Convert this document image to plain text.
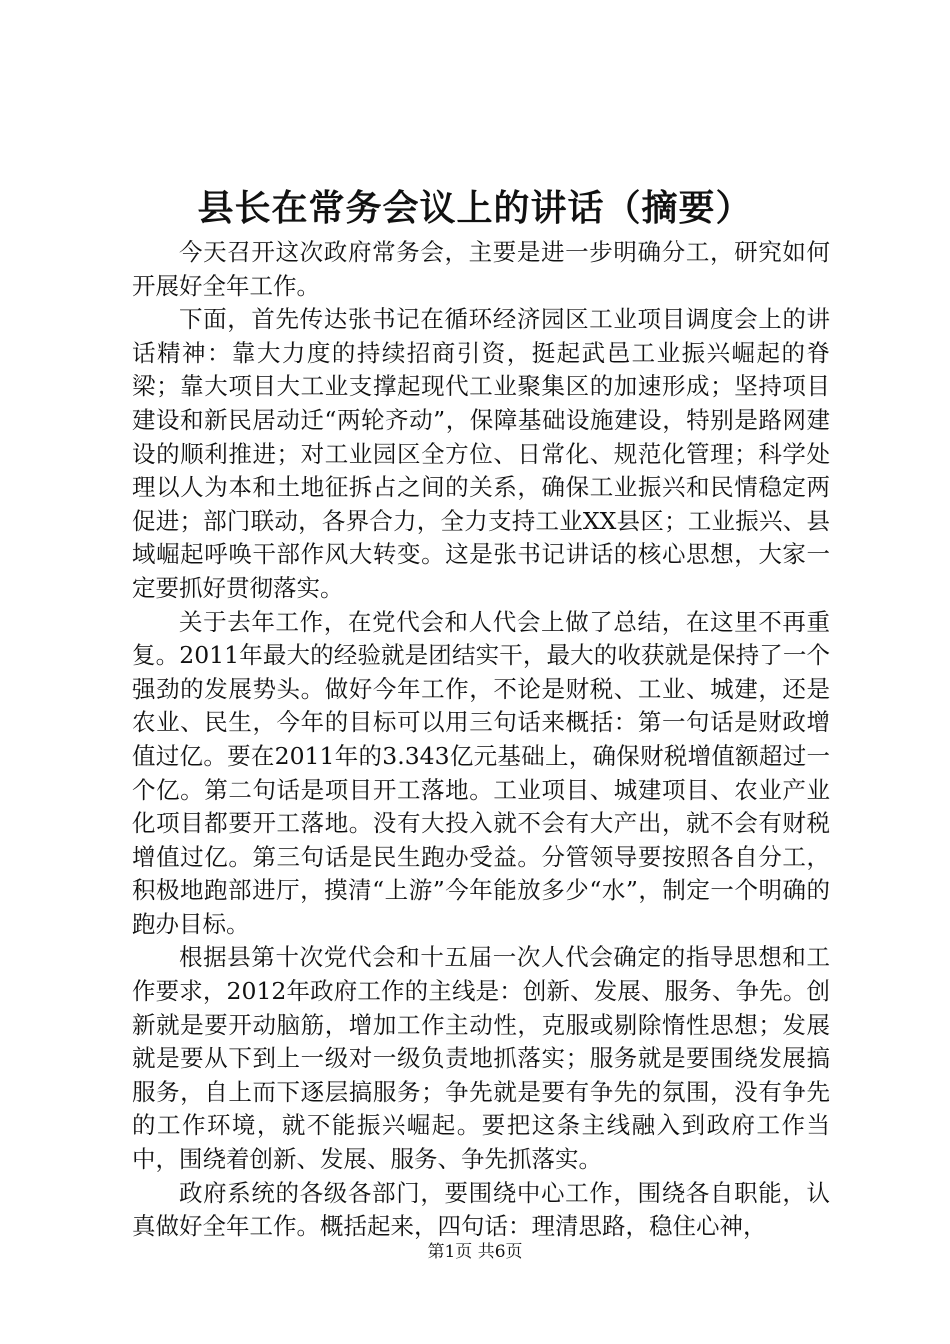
县长在常务会议上的讲话（摘要）

今天召开这次政府常务会，主要是进一步明确分工，研究如何开展好全年工作。

下面，首先传达张书记在循环经济园区工业项目调度会上的讲话精神：靠大力度的持续招商引资，挺起武邑工业振兴崛起的脊梁；靠大项目大工业支撑起现代工业聚集区的加速形成；坚持项目建设和新民居动迁“两轮齐动”，保障基础设施建设，特别是路网建设的顺利推进；对工业园区全方位、日常化、规范化管理；科学处理以人为本和土地征拆占之间的关系，确保工业振兴和民情稳定两促进；部门联动，各界合力，全力支持工业XX县区；工业振兴、县域崛起呼唤干部作风大转变。这是张书记讲话的核心思想，大家一定要抓好贯彻落实。

关于去年工作，在党代会和人代会上做了总结，在这里不再重复。2011年最大的经验就是团结实干，最大的收获就是保持了一个强劲的发展势头。做好今年工作，不论是财税、工业、城建，还是农业、民生，今年的目标可以用三句话来概括：第一句话是财政增值过亿。要在2011年的3.343亿元基础上，确保财税增值额超过一个亿。第二句话是项目开工落地。工业项目、城建项目、农业产业化项目都要开工落地。没有大投入就不会有大产出，就不会有财税增值过亿。第三句话是民生跑办受益。分管领导要按照各自分工，积极地跑部进厅，摸清“上游”今年能放多少“水”，制定一个明确的跑办目标。

根据县第十次党代会和十五届一次人代会确定的指导思想和工作要求，2012年政府工作的主线是：创新、发展、服务、争先。创新就是要开动脑筋，增加工作主动性，克服或剔除惰性思想；发展就是要从下到上一级对一级负责地抓落实；服务就是要围绕发展搞服务，自上而下逐层搞服务；争先就是要有争先的氛围，没有争先的工作环境，就不能振兴崛起。要把这条主线融入到政府工作当中，围绕着创新、发展、服务、争先抓落实。

政府系统的各级各部门，要围绕中心工作，围绕各自职能，认真做好全年工作。概括起来，四句话：理清思路，稳住心神，

第1页 共6页
